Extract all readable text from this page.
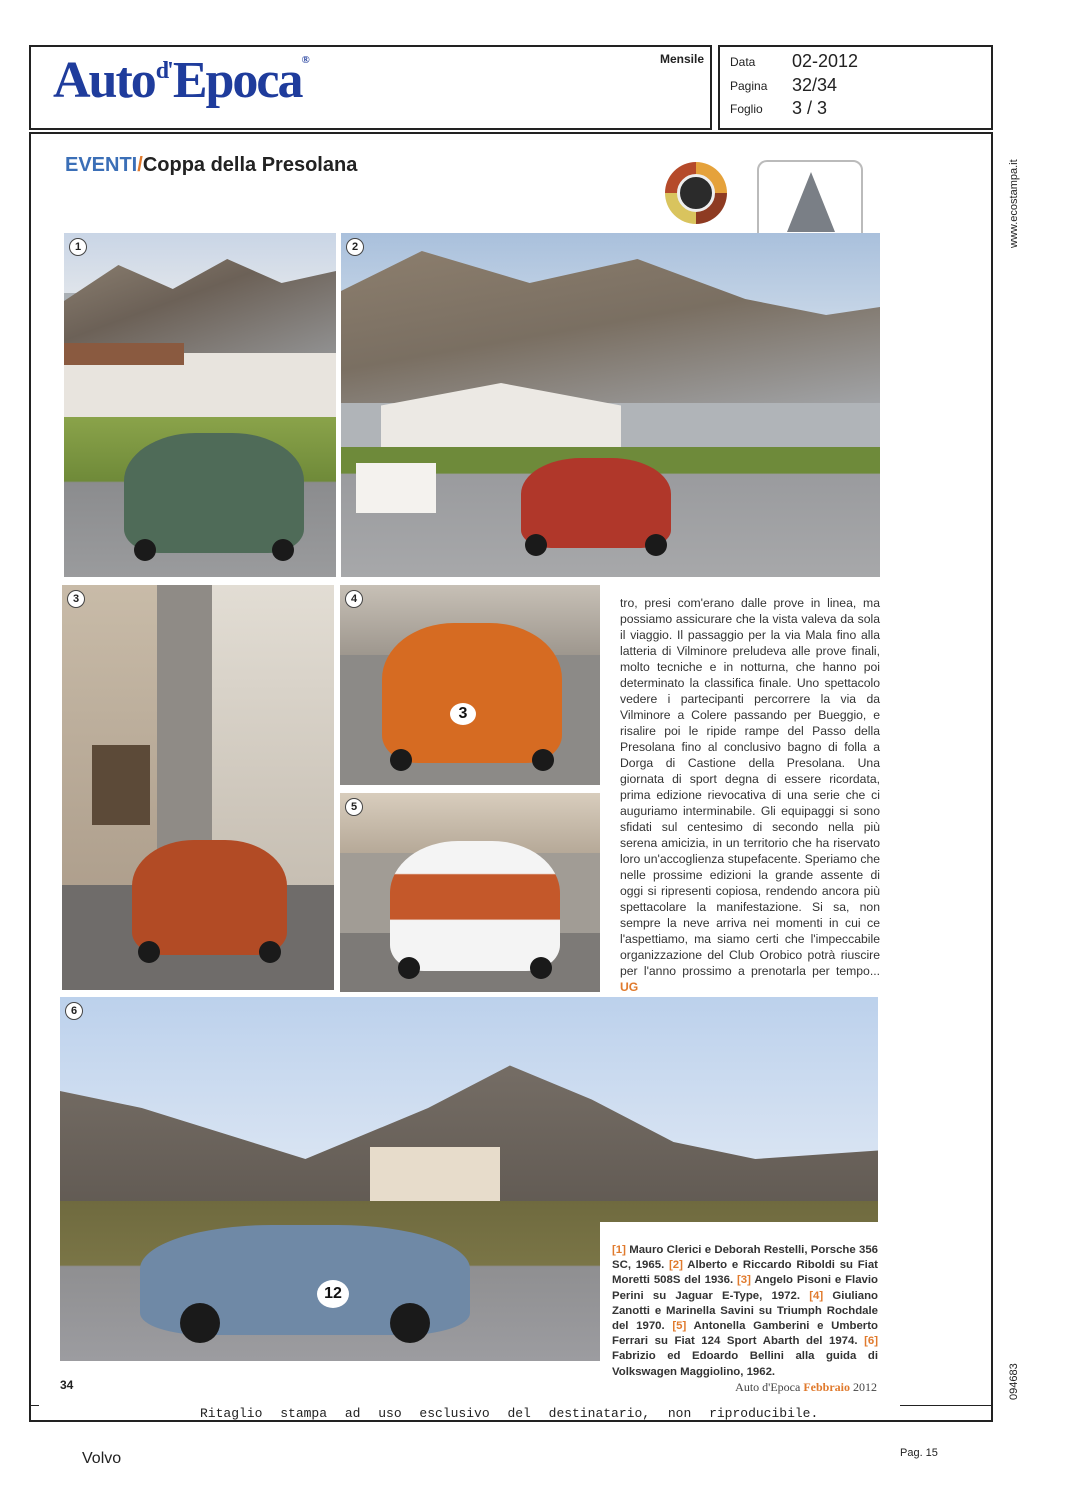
Auto$^{d'}$Epoca®	Mensile Data 02-2012
Pagina 32/34
Foglio 3 / 3
www.ecostampa.it
094683
EVENTI/Coppa della Presolana
1	2
3
3
4
5
12
6
tro, presi com'erano dalle prove in linea, ma possiamo assicurare che la vista valeva da sola il viaggio. Il passaggio per la via Mala fino alla latteria di Vilminore preludeva alle prove finali, molto tecniche e in notturna, che hanno poi determinato la classifica finale. Uno spettacolo vedere i partecipanti percorrere la via da Vilminore a Colere passando per Bueggio, e risalire poi le ripide rampe del Passo della Presolana fino al conclusivo bagno di folla a Dorga di Castione della Presolana. Una giornata di sport degna di essere ricordata, prima edizione rievocativa di una serie che ci auguriamo interminabile. Gli equipaggi si sono sfidati sul centesimo di secondo nella più serena amicizia, in un territorio che ha riservato loro un'accoglienza stupefacente. Speriamo che nelle prossime edizioni la grande assente di oggi si ripresenti copiosa, rendendo ancora più spettacolare la manifestazione. Si sa, non sempre la neve arriva nei momenti in cui ce l'aspettiamo, ma siamo certi che l'impeccabile organizzazione del Club Orobico potrà riuscire per l'anno prossimo a prenotarla per tempo... UG
[1] Mauro Clerici e Deborah Restelli, Porsche 356 SC, 1965. [2] Alberto e Riccardo Riboldi su Fiat Moretti 508S del 1936. [3] Angelo Pisoni e Flavio Perini su Jaguar E-Type, 1972. [4] Giuliano Zanotti e Marinella Savini su Triumph Rochdale del 1970. [5] Antonella Gamberini e Umberto Ferrari su Fiat 124 Sport Abarth del 1974. [6] Fabrizio ed Edoardo Bellini alla guida di Volkswagen Maggiolino, 1962.
34	Auto d'Epoca Febbraio 2012
Ritaglio stampa ad uso esclusivo del destinatario, non riproducibile.
Volvo	Pag. 15
